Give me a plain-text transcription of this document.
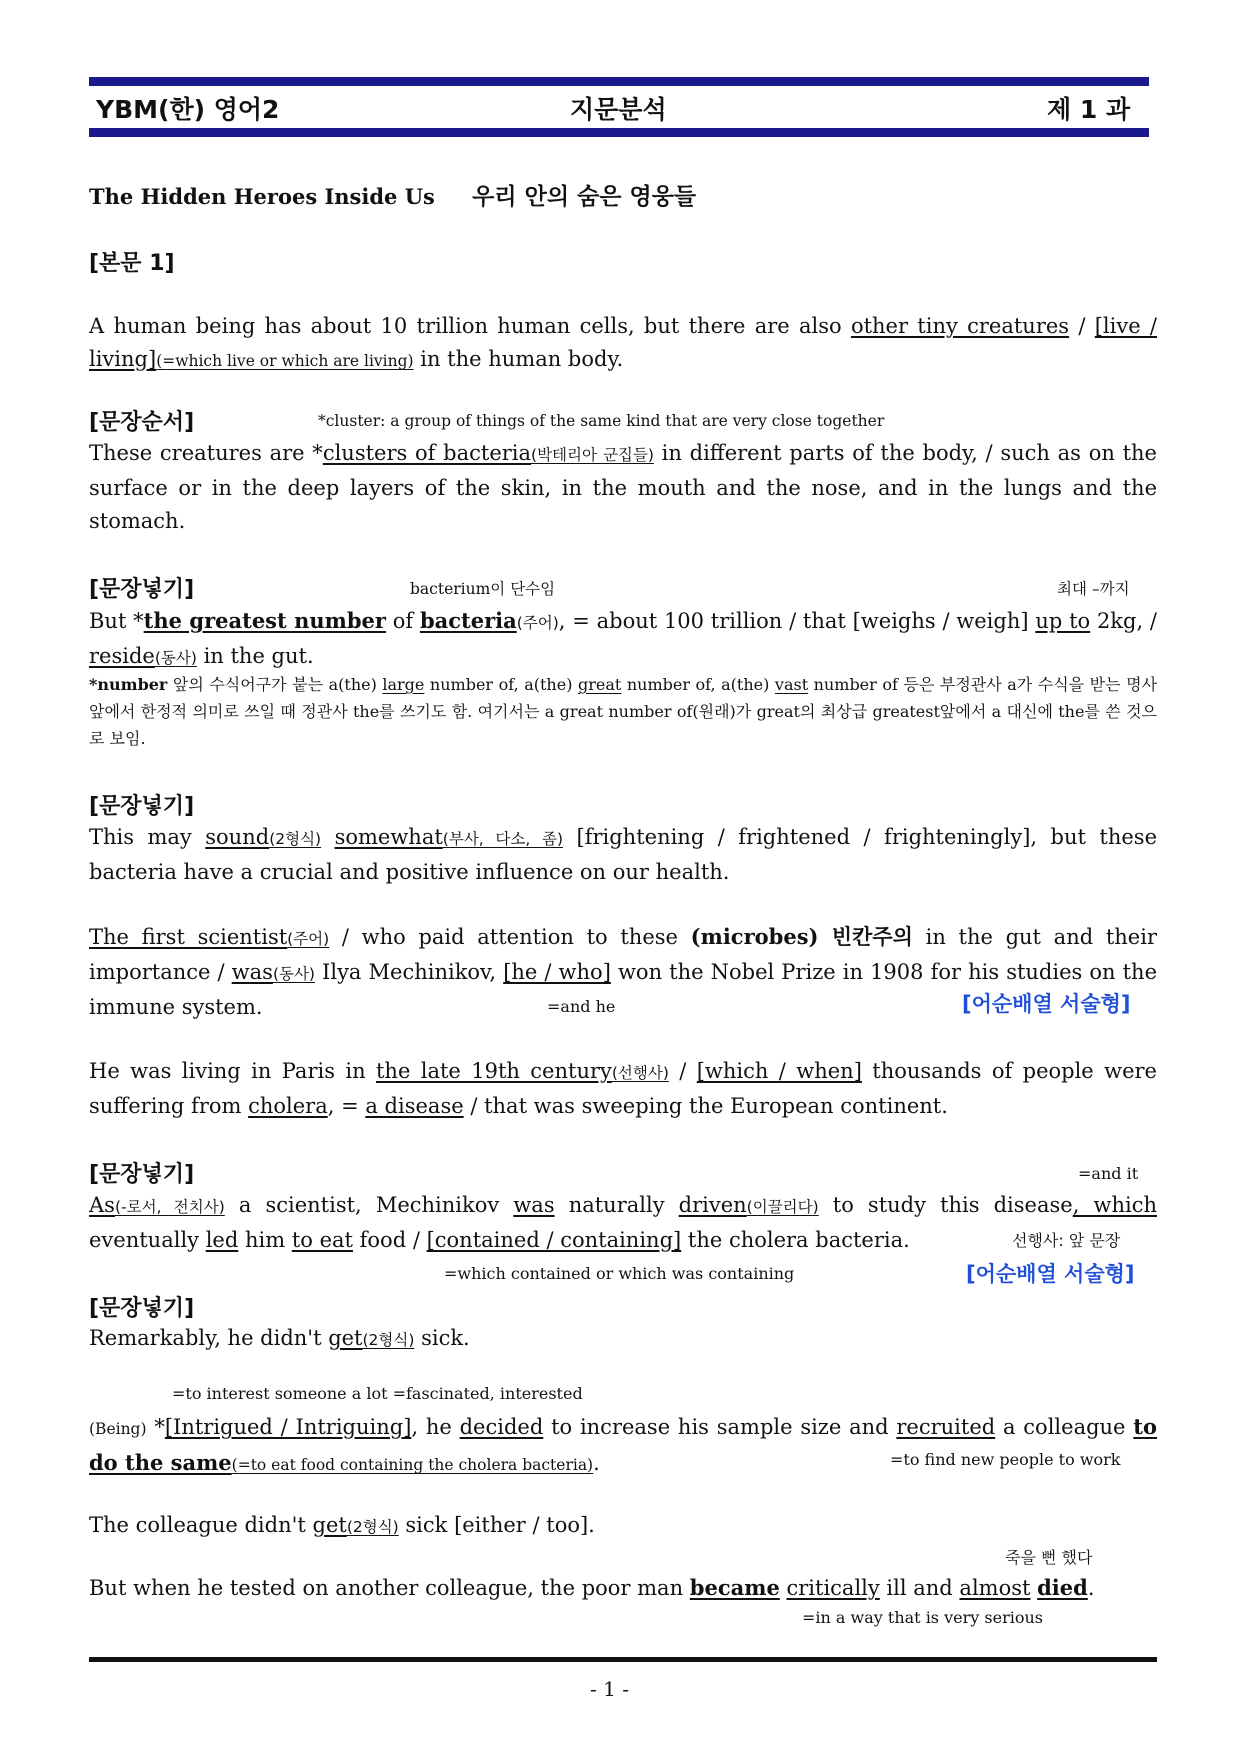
YBM(한) 영어2	지문분석	제 1 과
The Hidden Heroes Inside Us 우리 안의 숨은 영웅들
[본문 1]
A human being has about 10 trillion human cells, but there are also other tiny creatures / [live / living](=which live or which are living) in the human body.
[문장순서]	*cluster: a group of things of the same kind that are very close together
These creatures are *clusters of bacteria(박테리아 군집들) in different parts of the body, / such as on the surface or in the deep layers of the skin, in the mouth and the nose, and in the lungs and the stomach.
[문장넣기]	bacterium이 단수임	최대 –까지
But *the greatest number of bacteria(주어), = about 100 trillion / that [weighs / weigh] up to 2kg, / reside(동사) in the gut.
*number 앞의 수식어구가 붙는 a(the) large number of, a(the) great number of, a(the) vast number of 등은 부정관사 a가 수식을 받는 명사 앞에서 한정적 의미로 쓰일 때 정관사 the를 쓰기도 함. 여기서는 a great number of(원래)가 great의 최상급 greatest앞에서 a 대신에 the를 쓴 것으로 보임.
[문장넣기]
This may sound(2형식) somewhat(부사, 다소, 좀) [frightening / frightened / frighteningly], but these bacteria have a crucial and positive influence on our health.
The first scientist(주어) / who paid attention to these (microbes) 빈칸주의 in the gut and their importance / was(동사) Ilya Mechinikov, [he / who] won the Nobel Prize in 1908 for his studies on the immune system.	=and he	[어순배열 서술형]
He was living in Paris in the late 19th century(선행사) / [which / when] thousands of people were suffering from cholera, = a disease / that was sweeping the European continent.
[문장넣기]	=and it
As(-로서, 전치사) a scientist, Mechinikov was naturally driven(이끌리다) to study this disease, which eventually led him to eat food / [contained / containing] the cholera bacteria.	선행사: 앞 문장
=which contained or which was containing	[어순배열 서술형]
[문장넣기]
Remarkably, he didn't get(2형식) sick.
=to interest someone a lot =fascinated, interested
(Being) *[Intrigued / Intriguing], he decided to increase his sample size and recruited a colleague to do the same(=to eat food containing the cholera bacteria).	=to find new people to work
The colleague didn't get(2형식) sick [either / too].
죽을 뻔 했다
But when he tested on another colleague, the poor man became critically ill and almost died.
=in a way that is very serious
- 1 -
